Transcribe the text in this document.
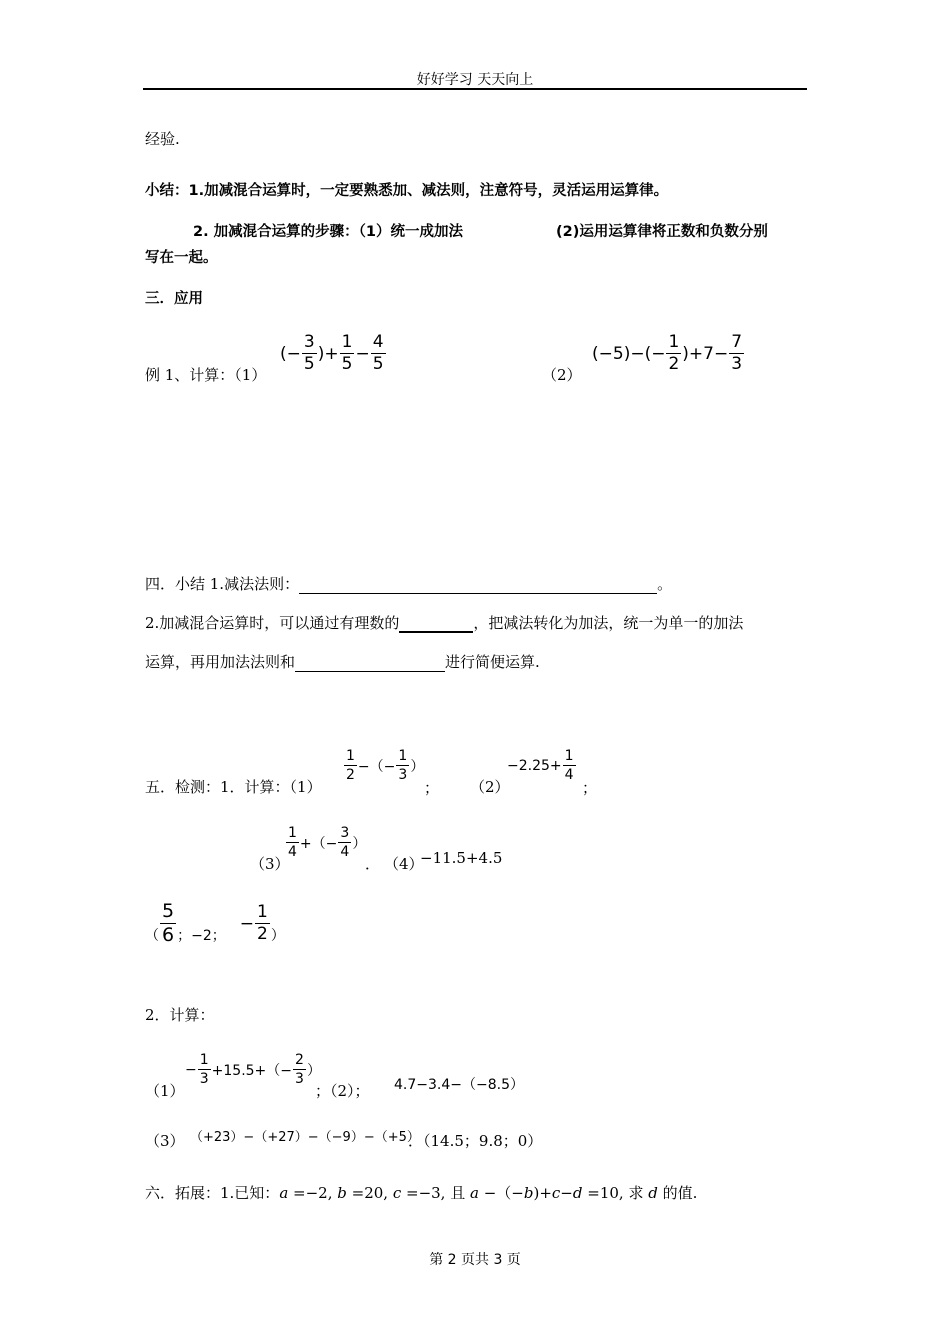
好好学习 天天向上
经验.
小结：1.加减混合运算时，一定要熟悉加、减法则，注意符号，灵活运用运算律。
2. 加减混合运算的步骤：（1）统一成加法	(2)运用运算律将正数和负数分别
写在一起。
三．应用
例 1、计算：（1）
(− $\frac{3}{5}$ )+ $\frac{1}{5} - \frac{4}{5}$
（2）
$(-5)-(- \frac{1}{2} )+7- \frac{7}{3}$
四．小结 1.减法法则：	。
2.加减混合运算时，可以通过有理数的	，把减法转化为加法，统一为单一的加法
运算，再用加法法则和	进行简便运算.
五．检测：1．计算：（1）
$\frac{1}{2}$ −（− $\frac{1}{3}$ ）
； （2）
$-2.25+ \frac{1}{4}$
；
（3）
$\frac{1}{4}$ +（− $\frac{3}{4}$ ）
． （4）
−11.5+4.5
（ $\frac{5}{6}$ ；−2；
− $\frac{1}{2}$ ）
2．计算：
（1）
− $\frac{1}{3} +15.5+(- \frac{2}{3}$ ）
；（2）； 4.7−3.4−（−8.5）
（3） （+23）−（+27）−（−9）−（+5）
．（14.5；9.8；0）
六．拓展：1.已知：a =−2, b =20, c =−3, 且 a −（−b)+c−d =10, 求 d 的值.
第 2 页共 3 页
